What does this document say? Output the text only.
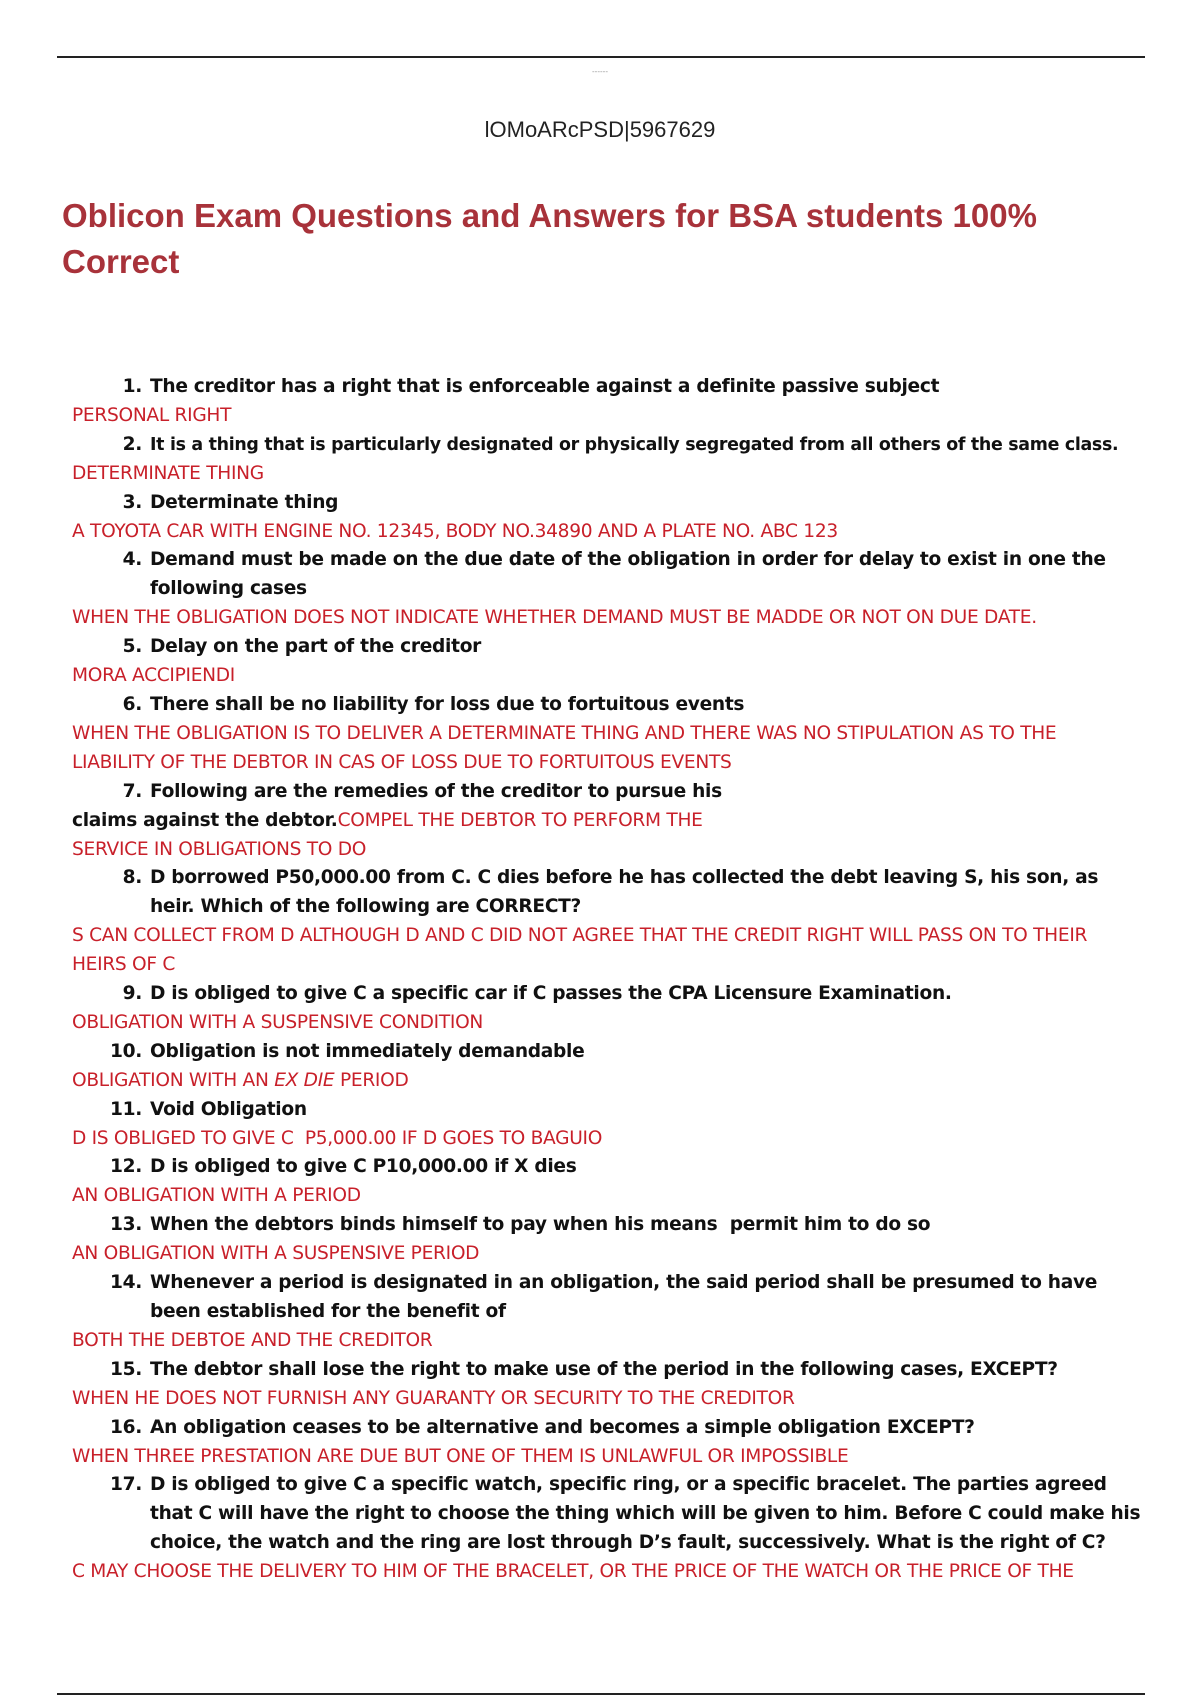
------
lOMoARcPSD|5967629
Oblicon Exam Questions and Answers for BSA students 100% Correct
1. The creditor has a right that is enforceable against a definite passive subject
PERSONAL RIGHT
2. It is a thing that is particularly designated or physically segregated from all others of the same class.
DETERMINATE THING
3. Determinate thing
A TOYOTA CAR WITH ENGINE NO. 12345, BODY NO.34890 AND A PLATE NO. ABC 123
4. Demand must be made on the due date of the obligation in order for delay to exist in one the following cases
WHEN THE OBLIGATION DOES NOT INDICATE WHETHER DEMAND MUST BE MADDE OR NOT ON DUE DATE.
5. Delay on the part of the creditor
MORA ACCIPIENDI
6. There shall be no liability for loss due to fortuitous events
WHEN THE OBLIGATION IS TO DELIVER A DETERMINATE THING AND THERE WAS NO STIPULATION AS TO THE LIABILITY OF THE DEBTOR IN CAS OF LOSS DUE TO FORTUITOUS EVENTS
7. Following are the remedies of the creditor to pursue his
claims against the debtor.COMPEL THE DEBTOR TO PERFORM THE
SERVICE IN OBLIGATIONS TO DO
8. D borrowed P50,000.00 from C. C dies before he has collected the debt leaving S, his son, as heir. Which of the following are CORRECT?
S CAN COLLECT FROM D ALTHOUGH D AND C DID NOT AGREE THAT THE CREDIT RIGHT WILL PASS ON TO THEIR HEIRS OF C
9. D is obliged to give C a specific car if C passes the CPA Licensure Examination.
OBLIGATION WITH A SUSPENSIVE CONDITION
10. Obligation is not immediately demandable
OBLIGATION WITH AN EX DIE PERIOD
11. Void Obligation
D IS OBLIGED TO GIVE C  P5,000.00 IF D GOES TO BAGUIO
12. D is obliged to give C P10,000.00 if X dies
AN OBLIGATION WITH A PERIOD
13. When the debtors binds himself to pay when his means  permit him to do so
AN OBLIGATION WITH A SUSPENSIVE PERIOD
14. Whenever a period is designated in an obligation, the said period shall be presumed to have been established for the benefit of
BOTH THE DEBTOE AND THE CREDITOR
15. The debtor shall lose the right to make use of the period in the following cases, EXCEPT?
WHEN HE DOES NOT FURNISH ANY GUARANTY OR SECURITY TO THE CREDITOR
16. An obligation ceases to be alternative and becomes a simple obligation EXCEPT?
WHEN THREE PRESTATION ARE DUE BUT ONE OF THEM IS UNLAWFUL OR IMPOSSIBLE
17. D is obliged to give C a specific watch, specific ring, or a specific bracelet. The parties agreed that C will have the right to choose the thing which will be given to him. Before C could make his choice, the watch and the ring are lost through D’s fault, successively. What is the right of C?
C MAY CHOOSE THE DELIVERY TO HIM OF THE BRACELET, OR THE PRICE OF THE WATCH OR THE PRICE OF THE
